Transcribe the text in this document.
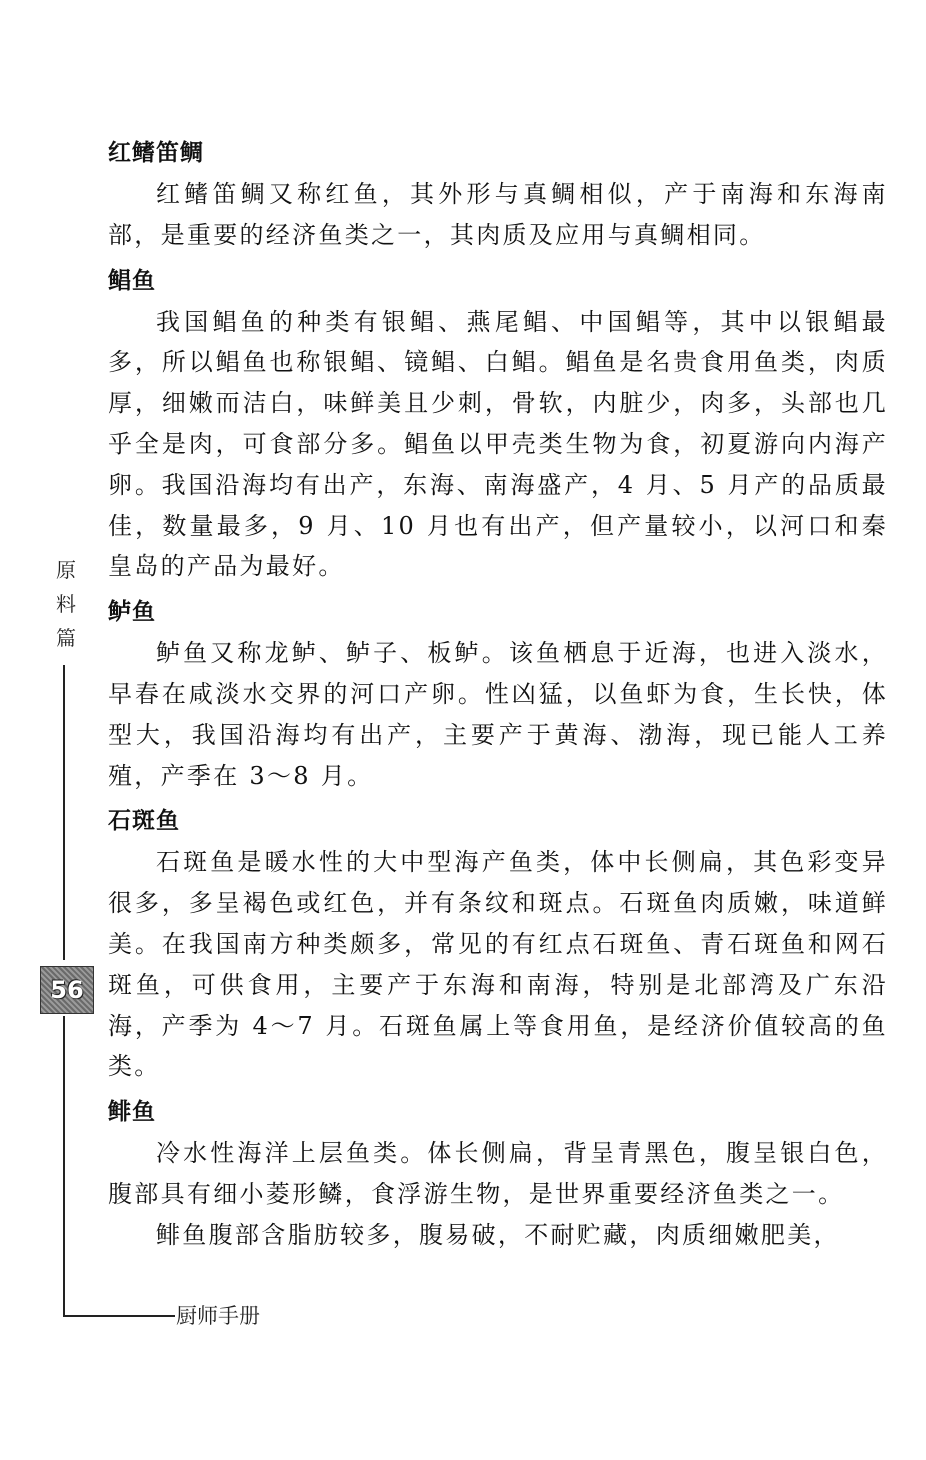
红鳍笛鲷

红鳍笛鲷又称红鱼，其外形与真鲷相似，产于南海和东海南部，是重要的经济鱼类之一，其肉质及应用与真鲷相同。

鲳鱼

我国鲳鱼的种类有银鲳、燕尾鲳、中国鲳等，其中以银鲳最多，所以鲳鱼也称银鲳、镜鲳、白鲳。鲳鱼是名贵食用鱼类，肉质厚，细嫩而洁白，味鲜美且少刺，骨软，内脏少，肉多，头部也几乎全是肉，可食部分多。鲳鱼以甲壳类生物为食，初夏游向内海产卵。我国沿海均有出产，东海、南海盛产，4 月、5 月产的品质最佳，数量最多，9 月、10 月也有出产，但产量较小，以河口和秦皇岛的产品为最好。

鲈鱼

鲈鱼又称龙鲈、鲈子、板鲈。该鱼栖息于近海，也进入淡水，早春在咸淡水交界的河口产卵。性凶猛，以鱼虾为食，生长快，体型大，我国沿海均有出产，主要产于黄海、渤海，现已能人工养殖，产季在 3～8 月。

石斑鱼

石斑鱼是暖水性的大中型海产鱼类，体中长侧扁，其色彩变异很多，多呈褐色或红色，并有条纹和斑点。石斑鱼肉质嫩，味道鲜美。在我国南方种类颇多，常见的有红点石斑鱼、青石斑鱼和网石斑鱼，可供食用，主要产于东海和南海，特别是北部湾及广东沿海，产季为 4～7 月。石斑鱼属上等食用鱼，是经济价值较高的鱼类。

鲱鱼

冷水性海洋上层鱼类。体长侧扁，背呈青黑色，腹呈银白色，腹部具有细小菱形鳞，食浮游生物，是世界重要经济鱼类之一。

鲱鱼腹部含脂肪较多，腹易破，不耐贮藏，肉质细嫩肥美，

原
料
篇
56
厨师手册
